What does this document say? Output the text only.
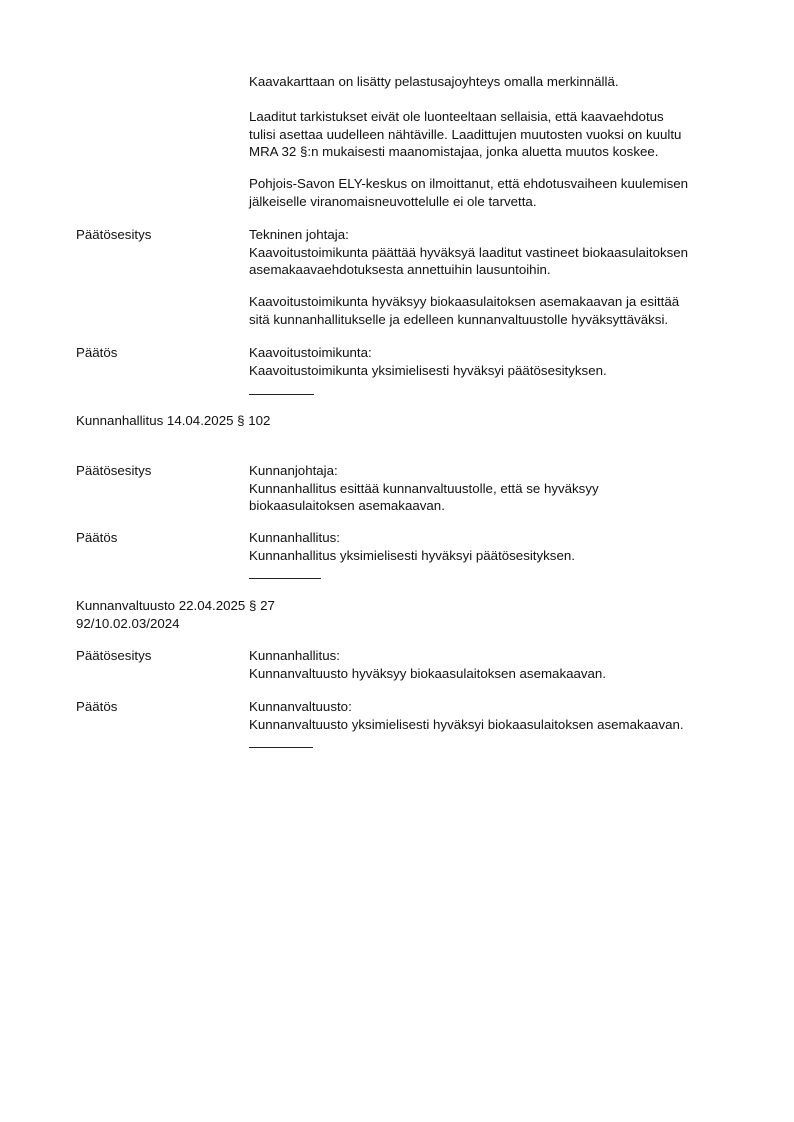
Kaavakarttaan on lisätty pelastusajoyhteys omalla merkinnällä.
Laaditut tarkistukset eivät ole luonteeltaan sellaisia, että kaavaehdotus
tulisi asettaa uudelleen nähtäville. Laadittujen muutosten vuoksi on kuultu
MRA 32 §:n mukaisesti maanomistajaa, jonka aluetta muutos koskee.
Pohjois-Savon ELY-keskus on ilmoittanut, että ehdotusvaiheen kuulemisen
jälkeiselle viranomaisneuvottelulle ei ole tarvetta.
Päätösesitys	Tekninen johtaja:
Kaavoitustoimikunta päättää hyväksyä laaditut vastineet biokaasulaitoksen
asemakaavaehdotuksesta annettuihin lausuntoihin.
Kaavoitustoimikunta hyväksyy biokaasulaitoksen asemakaavan ja esittää
sitä kunnanhallitukselle ja edelleen kunnanvaltuustolle hyväksyttäväksi.
Päätös	Kaavoitustoimikunta:
Kaavoitustoimikunta yksimielisesti hyväksyi päätösesityksen.
Kunnanhallitus 14.04.2025 § 102
Päätösesitys	Kunnanjohtaja:
Kunnanhallitus esittää kunnanvaltuustolle, että se hyväksyy
biokaasulaitoksen asemakaavan.
Päätös	Kunnanhallitus:
Kunnanhallitus yksimielisesti hyväksyi päätösesityksen.
Kunnanvaltuusto 22.04.2025 § 27
92/10.02.03/2024
Päätösesitys	Kunnanhallitus:
Kunnanvaltuusto hyväksyy biokaasulaitoksen asemakaavan.
Päätös	Kunnanvaltuusto:
Kunnanvaltuusto yksimielisesti hyväksyi biokaasulaitoksen asemakaavan.
